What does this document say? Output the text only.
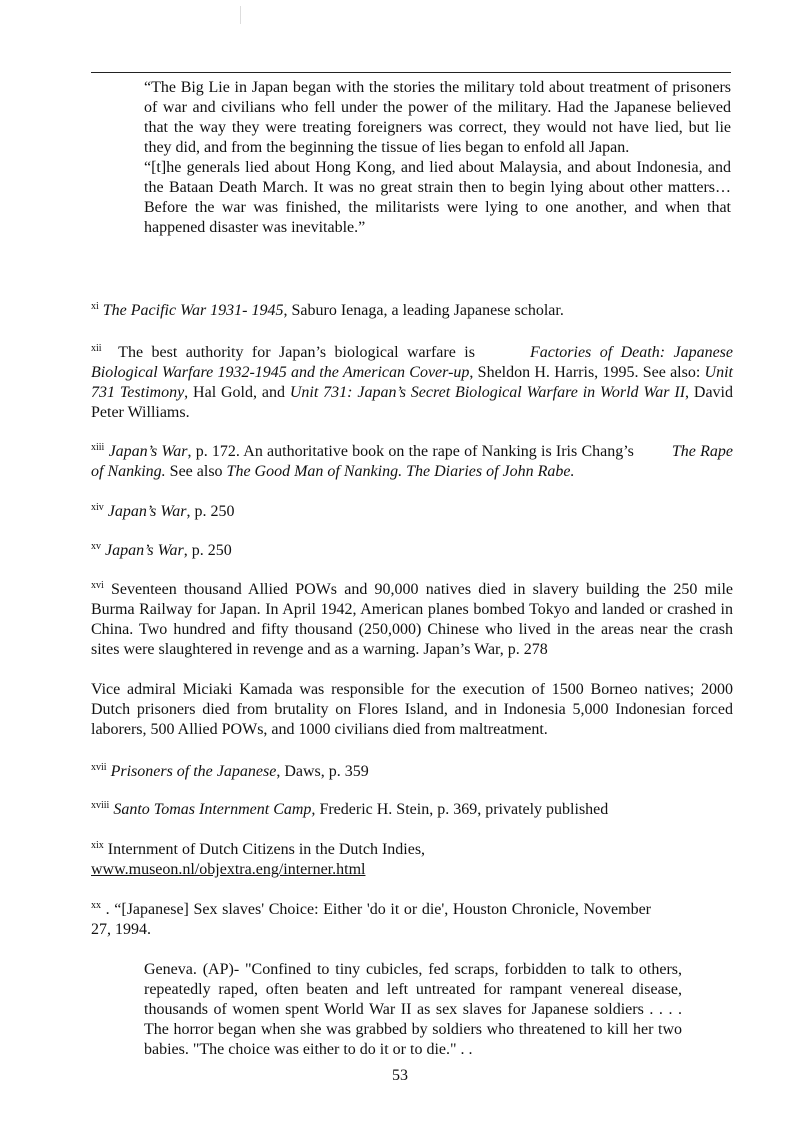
“The Big Lie in Japan began with the stories the military told about treatment of prisoners of war and civilians who fell under the power of the military. Had the Japanese believed that the way they were treating foreigners was correct, they would not have lied, but lie they did, and from the beginning the tissue of lies began to enfold all Japan.

“[t]he generals lied about Hong Kong, and lied about Malaysia, and about Indonesia, and the Bataan Death March. It was no great strain then to begin lying about other matters…Before the war was finished, the militarists were lying to one another, and when that happened disaster was inevitable.”

$^{xi}$ The Pacific War 1931- 1945, Saburo Ienaga, a leading Japanese scholar.

$^{xii}$ The best authority for Japan’s biological warfare is	Factories of Death: Japanese Biological Warfare 1932-1945 and the American Cover-up, Sheldon H. Harris, 1995. See also: Unit 731 Testimony, Hal Gold, and Unit 731: Japan’s Secret Biological Warfare in World War II, David Peter Williams.

$^{xiii}$ Japan’s War, p. 172. An authoritative book on the rape of Nanking is Iris Chang’s The Rape of Nanking. See also The Good Man of Nanking. The Diaries of John Rabe.

$^{xiv}$ Japan’s War, p. 250

$^{xv}$ Japan’s War, p. 250

$^{xvi}$ Seventeen thousand Allied POWs and 90,000 natives died in slavery building the 250 mile Burma Railway for Japan. In April 1942, American planes bombed Tokyo and landed or crashed in China. Two hundred and fifty thousand (250,000) Chinese who lived in the areas near the crash sites were slaughtered in revenge and as a warning. Japan’s War, p. 278

Vice admiral Miciaki Kamada was responsible for the execution of 1500 Borneo natives; 2000 Dutch prisoners died from brutality on Flores Island, and in Indonesia 5,000 Indonesian forced laborers, 500 Allied POWs, and 1000 civilians died from maltreatment.

$^{xvii}$ Prisoners of the Japanese, Daws, p. 359

$^{xviii}$ Santo Tomas Internment Camp, Frederic H. Stein, p. 369, privately published

$^{xix}$ Internment of Dutch Citizens in the Dutch Indies,
www.museon.nl/objextra.eng/interner.html

$^{xx}$ . “[Japanese] Sex slaves' Choice: Either 'do it or die', Houston Chronicle, November 27, 1994.

Geneva. (AP)- "Confined to tiny cubicles, fed scraps, forbidden to talk to others, repeatedly raped, often beaten and left untreated for rampant venereal disease, thousands of women spent World War II as sex slaves for Japanese soldiers . . . . The horror began when she was grabbed by soldiers who threatened to kill her two babies. "The choice was either to do it or to die." . .

53
